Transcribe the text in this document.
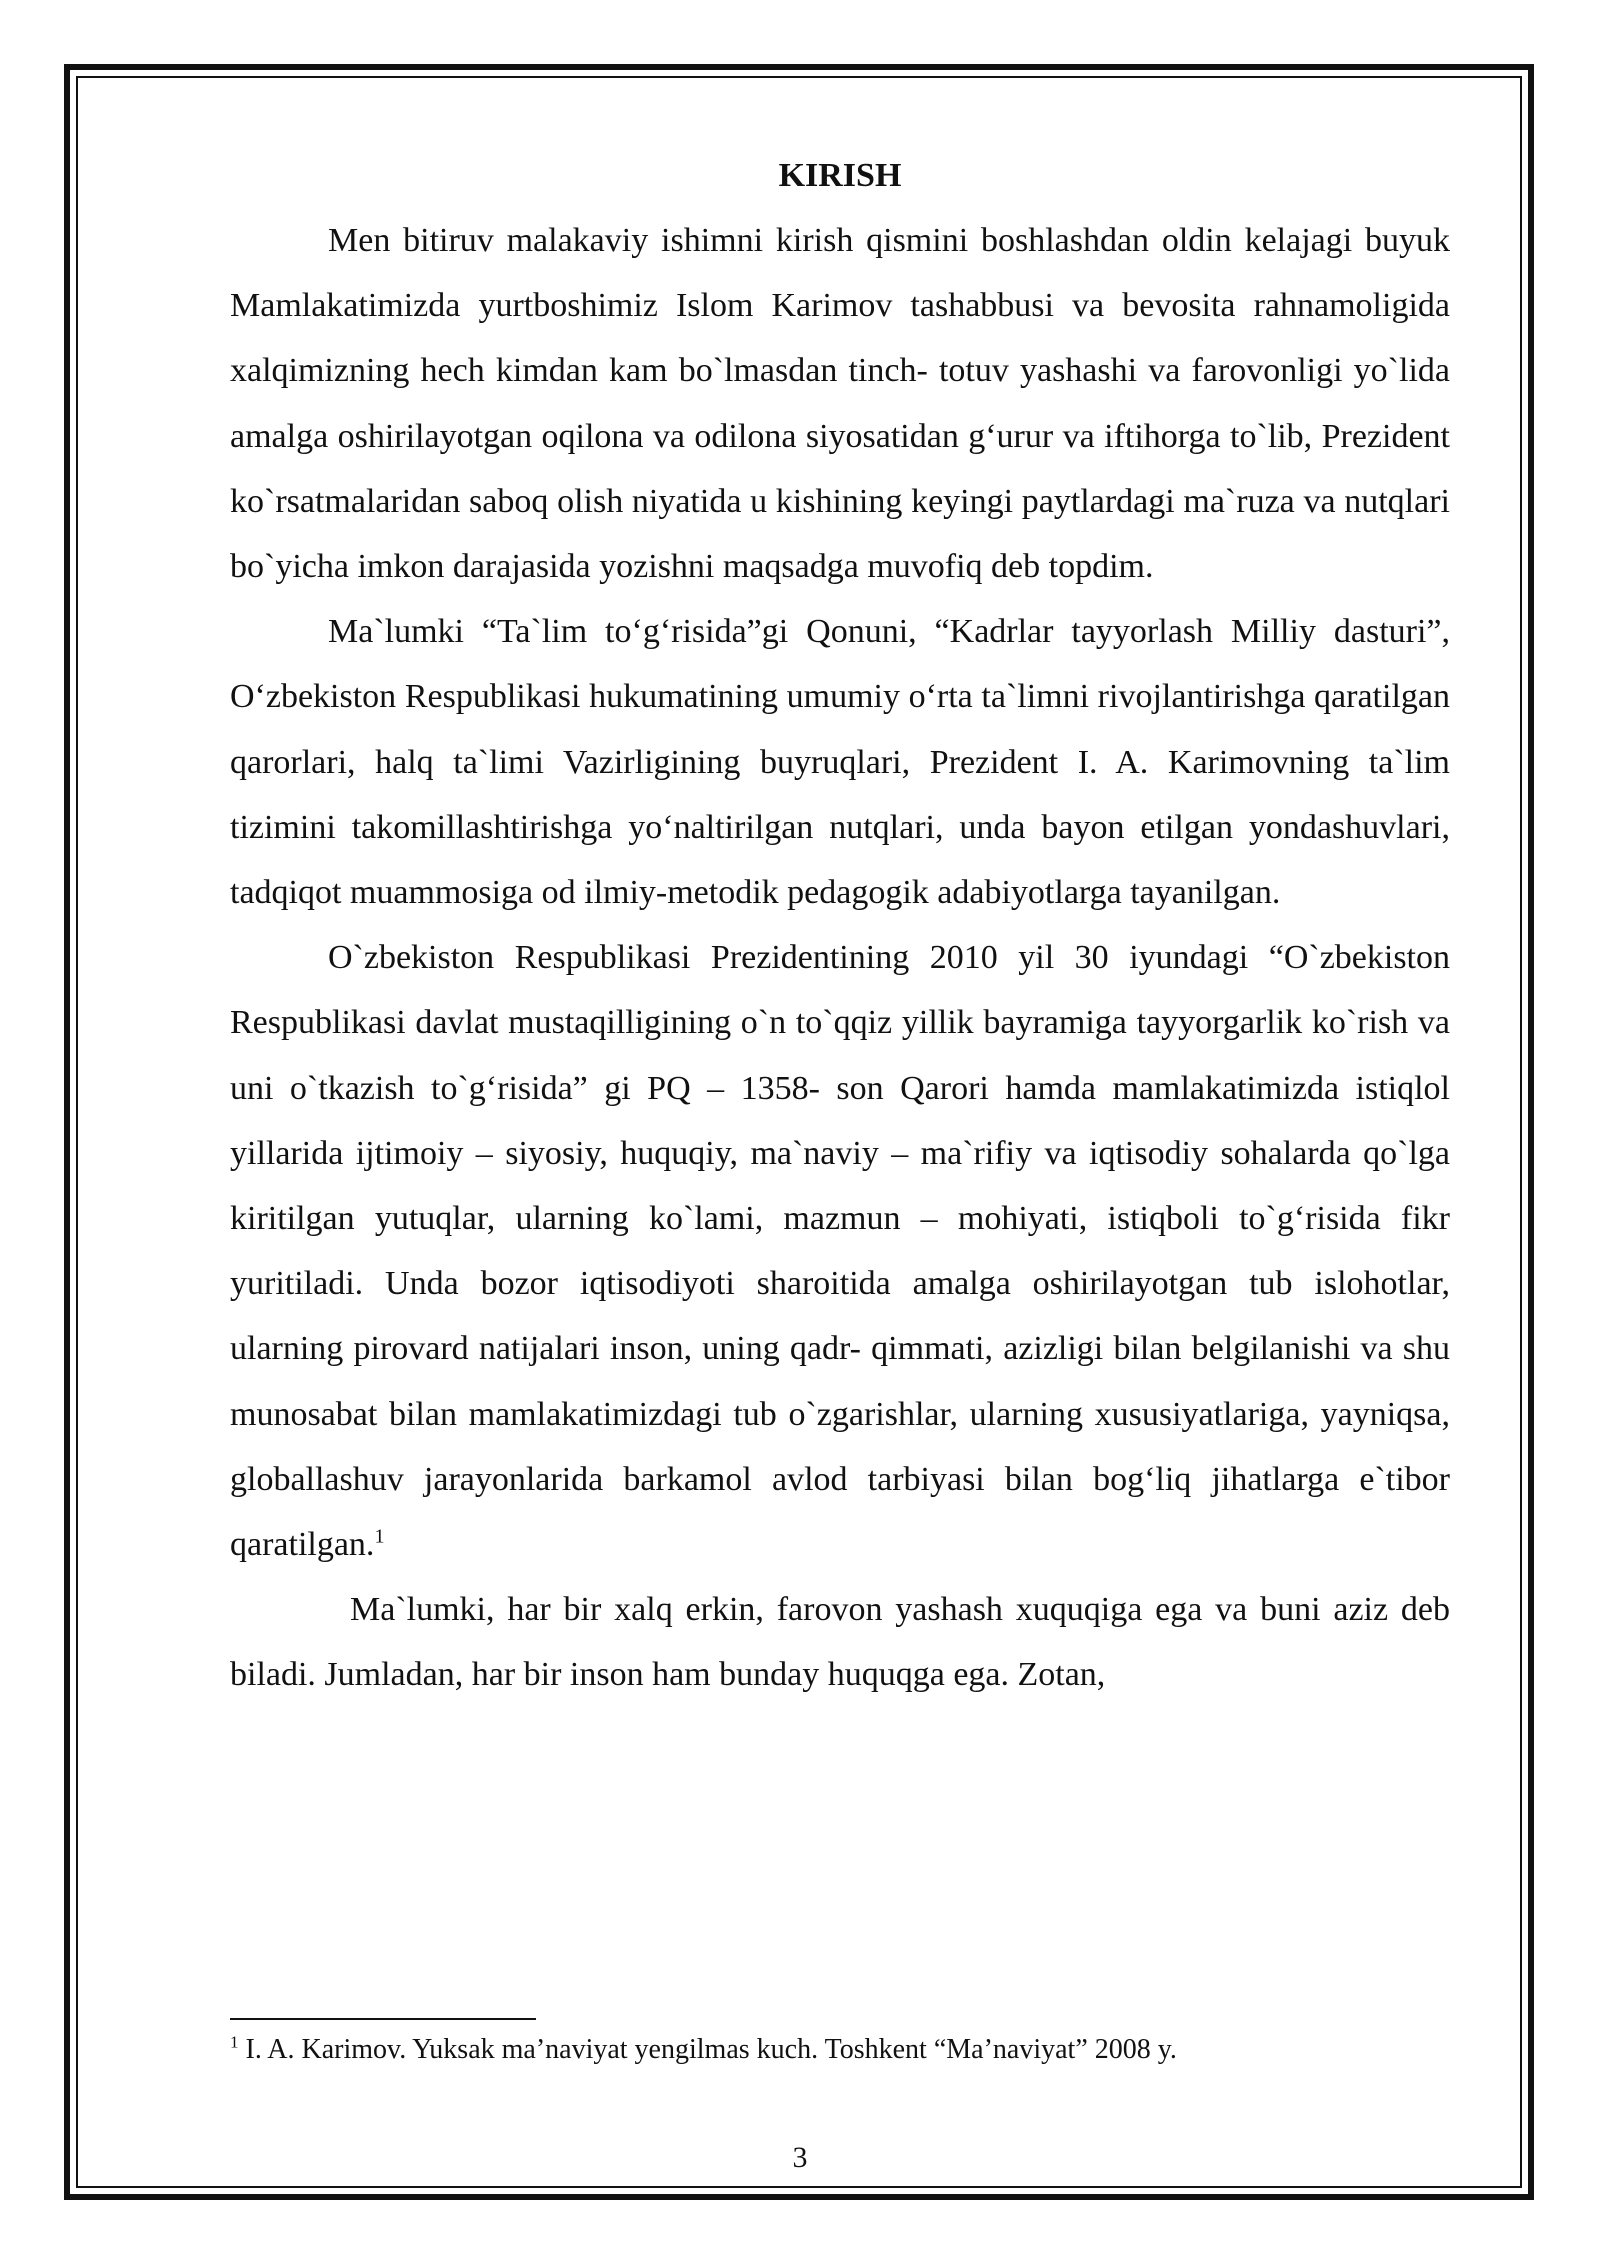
KIRISH

Men bitiruv malakaviy ishimni kirish qismini boshlashdan oldin kelajagi buyuk Mamlakatimizda yurtboshimiz Islom Karimov tashabbusi va bevosita rahnamoligida xalqimizning hech kimdan kam bo`lmasdan tinch- totuv yashashi va farovonligi yo`lida amalga oshirilayotgan oqilona va odilona siyosatidan g‘urur va iftihorga to`lib, Prezident ko`rsatmalaridan saboq olish niyatida u kishining keyingi paytlardagi ma`ruza va nutqlari bo`yicha imkon darajasida yozishni maqsadga muvofiq deb topdim.

Ma`lumki “Ta`lim to‘g‘risida”gi Qonuni, “Kadrlar tayyorlash Milliy dasturi”, O‘zbekiston Respublikasi hukumatining umumiy o‘rta ta`limni rivojlantirishga qaratilgan qarorlari, halq ta`limi Vazirligining buyruqlari, Prezident I. A. Karimovning ta`lim tizimini takomillashtirishga yo‘naltirilgan nutqlari, unda bayon etilgan yondashuvlari, tadqiqot muammosiga od ilmiy-metodik pedagogik adabiyotlarga tayanilgan.

O`zbekiston Respublikasi Prezidentining 2010 yil 30 iyundagi “O`zbekiston Respublikasi davlat mustaqilligining o`n to`qqiz yillik bayramiga tayyorgarlik ko`rish va uni o`tkazish to`g‘risida” gi PQ – 1358- son Qarori hamda mamlakatimizda istiqlol yillarida ijtimoiy – siyosiy, huquqiy, ma`naviy – ma`rifiy va iqtisodiy sohalarda qo`lga kiritilgan yutuqlar, ularning ko`lami, mazmun – mohiyati, istiqboli to`g‘risida fikr yuritiladi. Unda bozor iqtisodiyoti sharoitida amalga oshirilayotgan tub islohotlar, ularning pirovard natijalari inson, uning qadr- qimmati, azizligi bilan belgilanishi va shu munosabat bilan mamlakatimizdagi tub o`zgarishlar, ularning xususiyatlariga, yayniqsa, globallashuv jarayonlarida barkamol avlod tarbiyasi bilan bog‘liq jihatlarga e`tibor qaratilgan.$^1$

Ma`lumki, har bir xalq erkin, farovon yashash xuquqiga ega va buni aziz deb biladi. Jumladan, har bir inson ham bunday huquqga ega. Zotan,

$^1$ I. A. Karimov. Yuksak ma’naviyat yengilmas kuch. Toshkent “Ma’naviyat” 2008 y.
3
